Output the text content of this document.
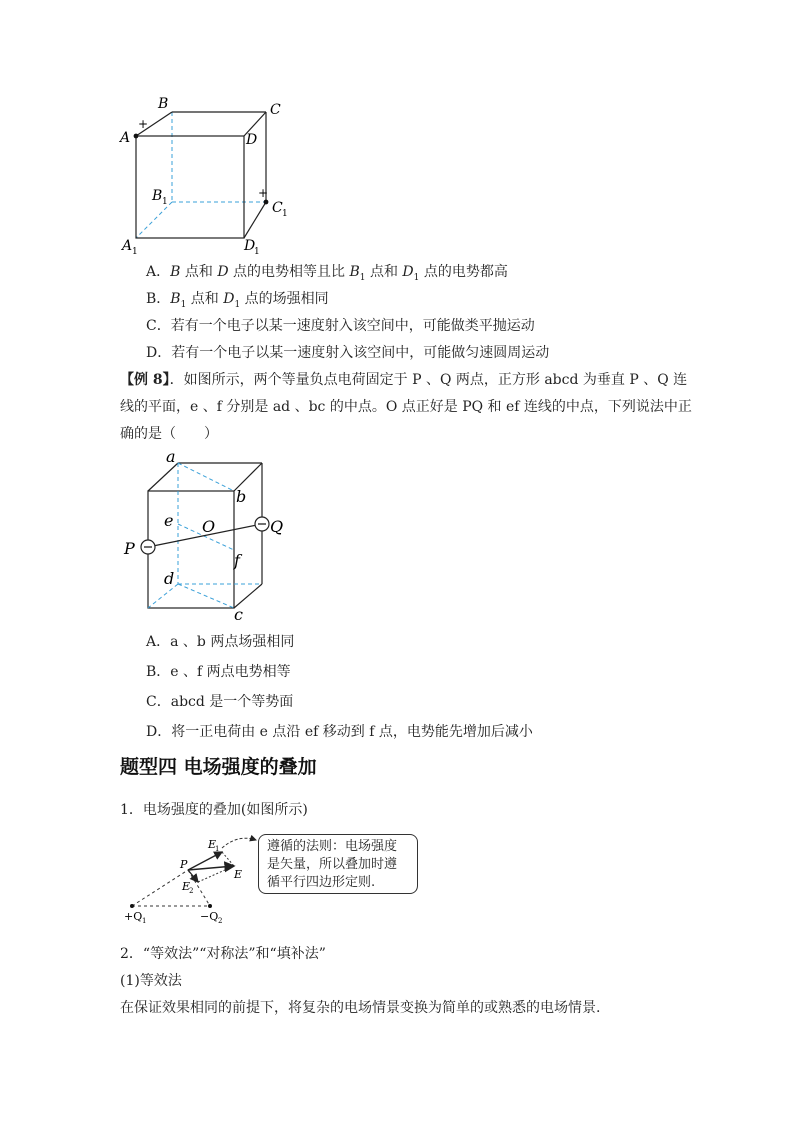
+
+
B	C
A	D
B 1	C 1
A 1	D
1
A．B 点和 D 点的电势相等且比 $B_1$ 点和 $D_1$ 点的电势都高
B．$B_1$ 点和 $D_1$ 点的场强相同
C．若有一个电子以某一速度射入该空间中，可能做类平抛运动
D．若有一个电子以某一速度射入该空间中，可能做匀速圆周运动
【例 8】．如图所示，两个等量负点电荷固定于 P 、Q 两点，正方形 abcd 为垂直 P 、Q 连
线的平面，e 、f 分别是 ad 、bc 的中点。O 点正好是 PQ 和 ef 连线的中点，下列说法中正
确的是（　　）
a
b
c
d
e
f
O
P
Q
A．a 、b 两点场强相同
B．e 、f 两点电势相等
C．abcd 是一个等势面
D．将一正电荷由 e 点沿 ef 移动到 f 点，电势能先增加后减小
题型四 电场强度的叠加
1．电场强度的叠加(如图所示)
E
1
E
P
E
2
+Q 1	−Q 2
遵循的法则：电场强度是矢量，所以叠加时遵循平行四边形定则.
2．“等效法”“对称法”和“填补法”
(1)等效法
在保证效果相同的前提下，将复杂的电场情景变换为简单的或熟悉的电场情景.
